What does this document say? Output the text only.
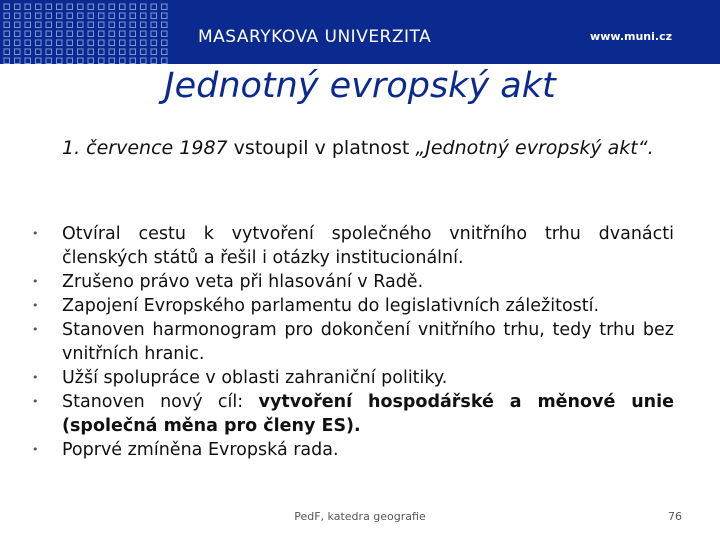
MASARYKOVA UNIVERZITA	www.muni.cz
Jednotný evropský akt
1. července 1987 vstoupil v platnost „Jednotný evropský akt“.
• Otvíral cestu k vytvoření společného vnitřního trhu dvanácti členských států a řešil i otázky institucionální.
• Zrušeno právo veta při hlasování v Radě.
• Zapojení Evropského parlamentu do legislativních záležitostí.
• Stanoven harmonogram pro dokončení vnitřního trhu, tedy trhu bez vnitřních hranic.
• Užší spolupráce v oblasti zahraniční politiky.
• Stanoven nový cíl: vytvoření hospodářské a měnové unie (společná měna pro členy ES).
• Poprvé zmíněna Evropská rada.
PedF, katedra geografie	76
